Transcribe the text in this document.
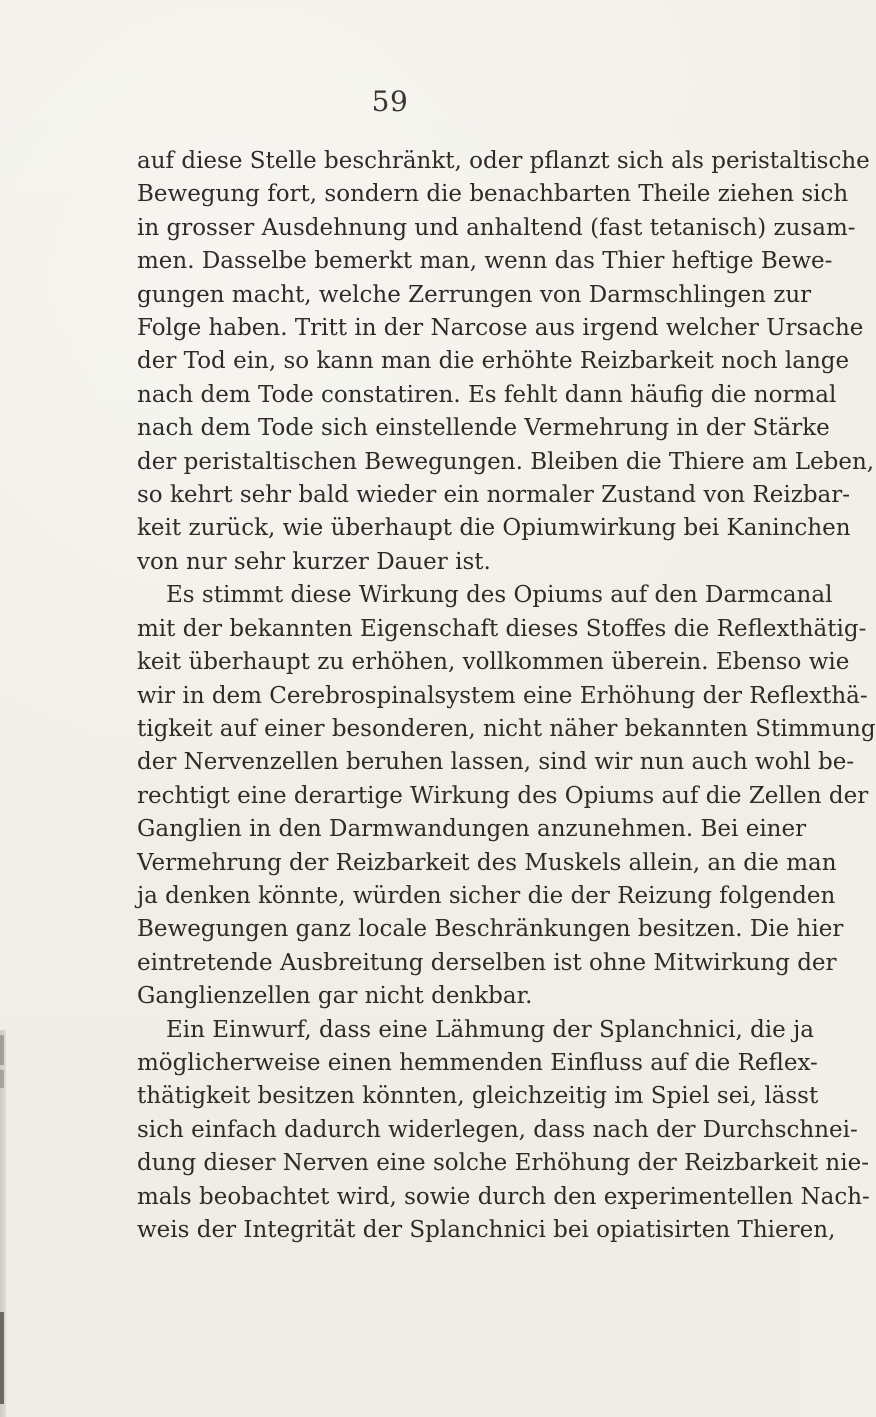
59
auf diese Stelle beschränkt, oder pflanzt sich als peristaltische
Bewegung fort, sondern die benachbarten Theile ziehen sich
in grosser Ausdehnung und anhaltend (fast tetanisch) zusam-
men. Dasselbe bemerkt man, wenn das Thier heftige Bewe-
gungen macht, welche Zerrungen von Darmschlingen zur
Folge haben. Tritt in der Narcose aus irgend welcher Ursache
der Tod ein, so kann man die erhöhte Reizbarkeit noch lange
nach dem Tode constatiren. Es fehlt dann häufig die normal
nach dem Tode sich einstellende Vermehrung in der Stärke
der peristaltischen Bewegungen. Bleiben die Thiere am Leben,
so kehrt sehr bald wieder ein normaler Zustand von Reizbar-
keit zurück, wie überhaupt die Opiumwirkung bei Kaninchen
von nur sehr kurzer Dauer ist.
Es stimmt diese Wirkung des Opiums auf den Darmcanal
mit der bekannten Eigenschaft dieses Stoffes die Reflexthätig-
keit überhaupt zu erhöhen, vollkommen überein. Ebenso wie
wir in dem Cerebrospinalsystem eine Erhöhung der Reflexthä-
tigkeit auf einer besonderen, nicht näher bekannten Stimmung
der Nervenzellen beruhen lassen, sind wir nun auch wohl be-
rechtigt eine derartige Wirkung des Opiums auf die Zellen der
Ganglien in den Darmwandungen anzunehmen. Bei einer
Vermehrung der Reizbarkeit des Muskels allein, an die man
ja denken könnte, würden sicher die der Reizung folgenden
Bewegungen ganz locale Beschränkungen besitzen. Die hier
eintretende Ausbreitung derselben ist ohne Mitwirkung der
Ganglienzellen gar nicht denkbar.
Ein Einwurf, dass eine Lähmung der Splanchnici, die ja
möglicherweise einen hemmenden Einfluss auf die Reflex-
thätigkeit besitzen könnten, gleichzeitig im Spiel sei, lässt
sich einfach dadurch widerlegen, dass nach der Durchschnei-
dung dieser Nerven eine solche Erhöhung der Reizbarkeit nie-
mals beobachtet wird, sowie durch den experimentellen Nach-
weis der Integrität der Splanchnici bei opiatisirten Thieren,
